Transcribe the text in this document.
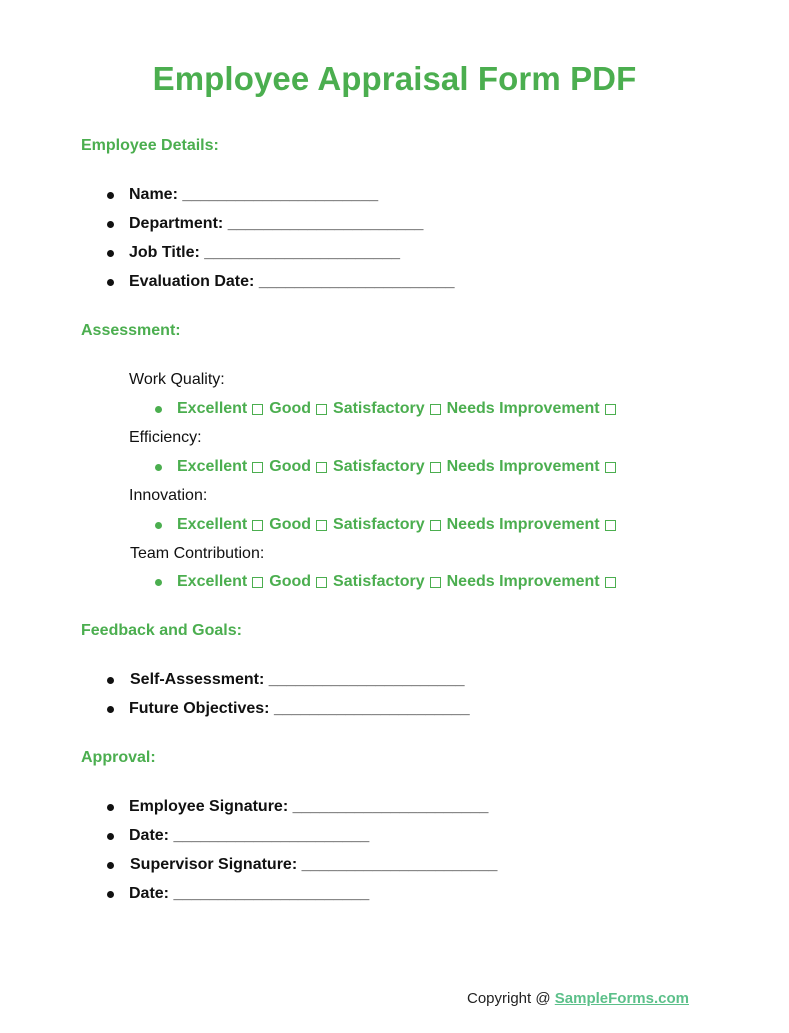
Employee Appraisal Form PDF
Employee Details:
Name: ______________________
Department: ______________________
Job Title: ______________________
Evaluation Date: ______________________
Assessment:
Work Quality:
Excellent Good Satisfactory Needs Improvement
Efficiency:
Excellent Good Satisfactory Needs Improvement
Innovation:
Excellent Good Satisfactory Needs Improvement
Team Contribution:
Excellent Good Satisfactory Needs Improvement
Feedback and Goals:
Self-Assessment: ______________________
Future Objectives: ______________________
Approval:
Employee Signature: ______________________
Date: ______________________
Supervisor Signature: ______________________
Date: ______________________
Copyright @ SampleForms.com
